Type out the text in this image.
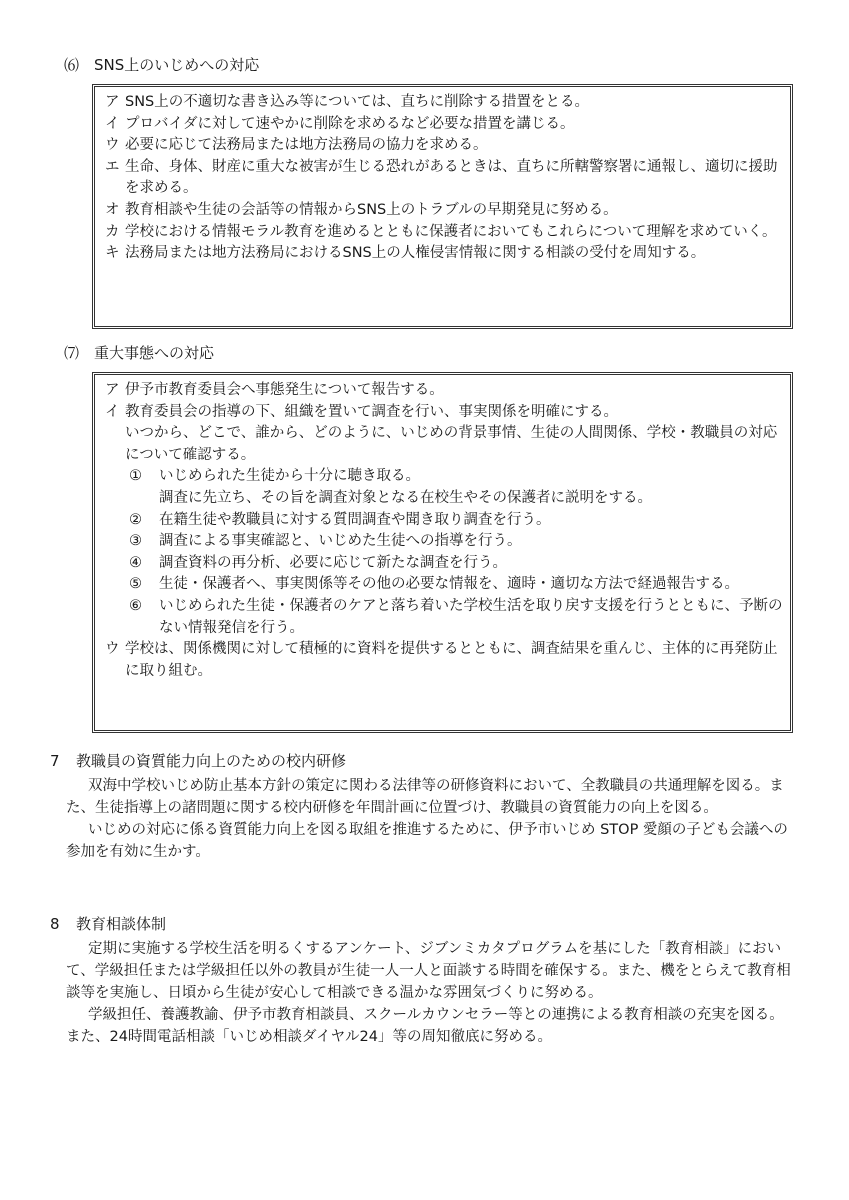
⑹ SNS上のいじめへの対応
ア SNS上の不適切な書き込み等については、直ちに削除する措置をとる。
イ プロバイダに対して速やかに削除を求めるなど必要な措置を講じる。
ウ 必要に応じて法務局または地方法務局の協力を求める。
エ 生命、身体、財産に重大な被害が生じる恐れがあるときは、直ちに所轄警察署に通報し、適切に援助を求める。
オ 教育相談や生徒の会話等の情報からSNS上のトラブルの早期発見に努める。
カ 学校における情報モラル教育を進めるとともに保護者においてもこれらについて理解を求めていく。
キ 法務局または地方法務局におけるSNS上の人権侵害情報に関する相談の受付を周知する。
⑺ 重大事態への対応
ア 伊予市教育委員会へ事態発生について報告する。
イ 教育委員会の指導の下、組織を置いて調査を行い、事実関係を明確にする。
いつから、どこで、誰から、どのように、いじめの背景事情、生徒の人間関係、学校・教職員の対応について確認する。
① いじめられた生徒から十分に聴き取る。
調査に先立ち、その旨を調査対象となる在校生やその保護者に説明をする。
② 在籍生徒や教職員に対する質問調査や聞き取り調査を行う。
③ 調査による事実確認と、いじめた生徒への指導を行う。
④ 調査資料の再分析、必要に応じて新たな調査を行う。
⑤ 生徒・保護者へ、事実関係等その他の必要な情報を、適時・適切な方法で経過報告する。
⑥ いじめられた生徒・保護者のケアと落ち着いた学校生活を取り戻す支援を行うとともに、予断のない情報発信を行う。
ウ 学校は、関係機関に対して積極的に資料を提供するとともに、調査結果を重んじ、主体的に再発防止に取り組む。
7 教職員の資質能力向上のための校内研修

双海中学校いじめ防止基本方針の策定に関わる法律等の研修資料において、全教職員の共通理解を図る。また、生徒指導上の諸問題に関する校内研修を年間計画に位置づけ、教職員の資質能力の向上を図る。

いじめの対応に係る資質能力向上を図る取組を推進するために、伊予市いじめ STOP 愛顔の子ども会議への参加を有効に生かす。

8 教育相談体制

定期に実施する学校生活を明るくするアンケート、ジブンミカタプログラムを基にした「教育相談」において、学級担任または学級担任以外の教員が生徒一人一人と面談する時間を確保する。また、機をとらえて教育相談等を実施し、日頃から生徒が安心して相談できる温かな雰囲気づくりに努める。

学級担任、養護教諭、伊予市教育相談員、スクールカウンセラー等との連携による教育相談の充実を図る。また、24時間電話相談「いじめ相談ダイヤル24」等の周知徹底に努める。
